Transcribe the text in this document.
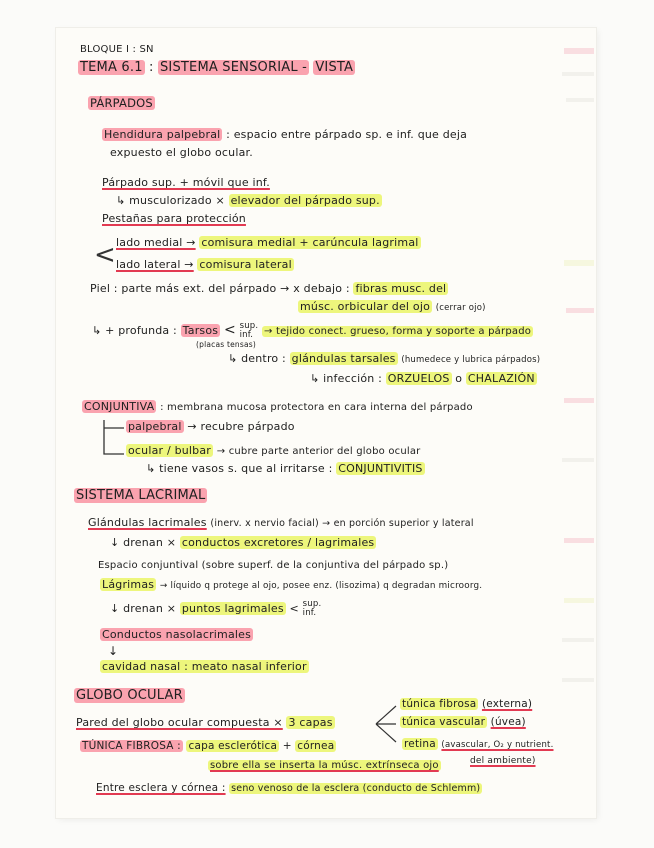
BLOQUE I : SN
TEMA 6.1 : SISTEMA SENSORIAL - VISTA
PÁRPADOS
Hendidura palpebral : espacio entre párpado sp. e inf. que deja
expuesto el globo ocular.
Párpado sup. + móvil que inf.
↳ musculorizado × elevador del párpado sup.
Pestañas para protección
< lado medial → comisura medial + carúncula lagrimal
lado lateral → comisura lateral
Piel : parte más ext. del párpado → x debajo : fibras musc. del
músc. orbicular del ojo (cerrar ojo)
↳ + profunda : Tarsos < sup.
inf.	→ tejido conect. grueso, forma y soporte a párpado
(placas tensas)
↳ dentro : glándulas tarsales (humedece y lubrica párpados)
↳ infección : ORZUELOS o CHALAZIÓN
CONJUNTIVA : membrana mucosa protectora en cara interna del párpado
palpebral → recubre párpado
ocular / bulbar → cubre parte anterior del globo ocular
↳ tiene vasos s. que al irritarse : CONJUNTIVITIS
SISTEMA LACRIMAL
Glándulas lacrimales (inerv. x nervio facial) → en porción superior y lateral
↓ drenan × conductos excretores / lagrimales
Espacio conjuntival (sobre superf. de la conjuntiva del párpado sp.)
Lágrimas → líquido q protege al ojo, posee enz. (lisozima) q degradan microorg.
↓ drenan × puntos lagrimales < sup.
inf.
Conductos nasolacrimales
↓
cavidad nasal : meato nasal inferior
GLOBO OCULAR
túnica fibrosa (externa)
Pared del globo ocular compuesta × 3 capas	túnica vascular (úvea)
retina (avascular, O₂ y nutrient.
del ambiente)
TÚNICA FIBROSA : capa esclerótica + córnea
sobre ella se inserta la músc. extrínseca ojo
Entre esclera y córnea : seno venoso de la esclera (conducto de Schlemm)
